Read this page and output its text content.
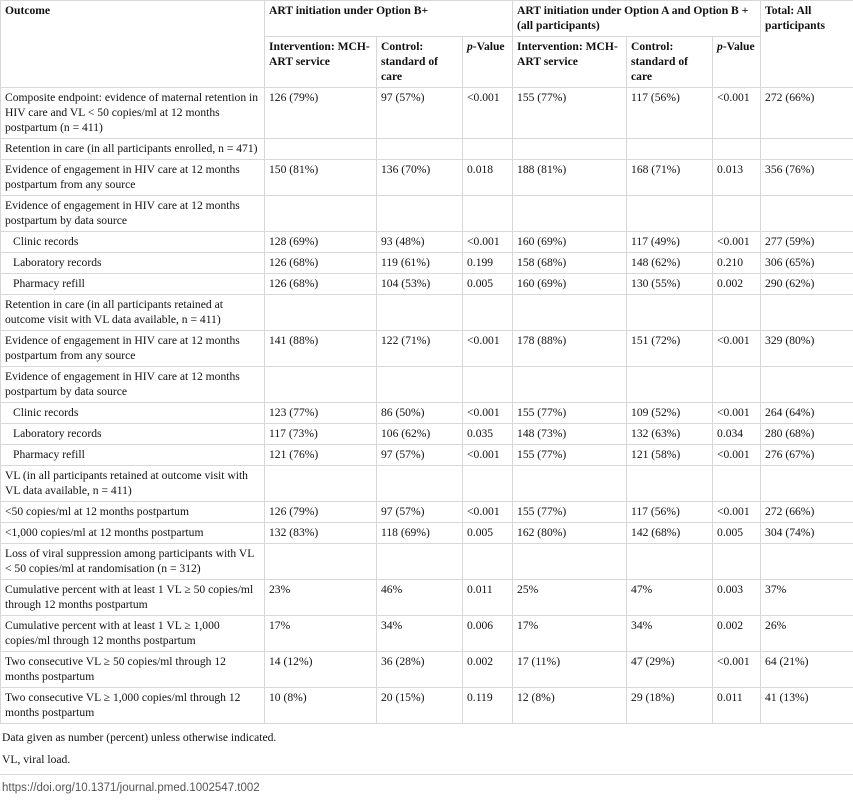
Outcome	ART initiation under Option B+			ART initiation under Option A and Option B + (all participants)			Total: All participants
	Intervention: MCH-ART service	Control: standard of care	p-Value	Intervention: MCH-ART service	Control: standard of care	p-Value	
Composite endpoint: evidence of maternal retention in HIV care and VL < 50 copies/ml at 12 months postpartum (n = 411)	126 (79%)	97 (57%)	<0.001	155 (77%)	117 (56%)	<0.001	272 (66%)
Retention in care (in all participants enrolled, n = 471)							
Evidence of engagement in HIV care at 12 months postpartum from any source	150 (81%)	136 (70%)	0.018	188 (81%)	168 (71%)	0.013	356 (76%)
Evidence of engagement in HIV care at 12 months postpartum by data source							
Clinic records	128 (69%)	93 (48%)	<0.001	160 (69%)	117 (49%)	<0.001	277 (59%)
Laboratory records	126 (68%)	119 (61%)	0.199	158 (68%)	148 (62%)	0.210	306 (65%)
Pharmacy refill	126 (68%)	104 (53%)	0.005	160 (69%)	130 (55%)	0.002	290 (62%)
Retention in care (in all participants retained at outcome visit with VL data available, n = 411)							
Evidence of engagement in HIV care at 12 months postpartum from any source	141 (88%)	122 (71%)	<0.001	178 (88%)	151 (72%)	<0.001	329 (80%)
Evidence of engagement in HIV care at 12 months postpartum by data source							
Clinic records	123 (77%)	86 (50%)	<0.001	155 (77%)	109 (52%)	<0.001	264 (64%)
Laboratory records	117 (73%)	106 (62%)	0.035	148 (73%)	132 (63%)	0.034	280 (68%)
Pharmacy refill	121 (76%)	97 (57%)	<0.001	155 (77%)	121 (58%)	<0.001	276 (67%)
VL (in all participants retained at outcome visit with VL data available, n = 411)							
<50 copies/ml at 12 months postpartum	126 (79%)	97 (57%)	<0.001	155 (77%)	117 (56%)	<0.001	272 (66%)
<1,000 copies/ml at 12 months postpartum	132 (83%)	118 (69%)	0.005	162 (80%)	142 (68%)	0.005	304 (74%)
Loss of viral suppression among participants with VL < 50 copies/ml at randomisation (n = 312)							
Cumulative percent with at least 1 VL ≥ 50 copies/ml through 12 months postpartum	23%	46%	0.011	25%	47%	0.003	37%
Cumulative percent with at least 1 VL ≥ 1,000 copies/ml through 12 months postpartum	17%	34%	0.006	17%	34%	0.002	26%
Two consecutive VL ≥ 50 copies/ml through 12 months postpartum	14 (12%)	36 (28%)	0.002	17 (11%)	47 (29%)	<0.001	64 (21%)
Two consecutive VL ≥ 1,000 copies/ml through 12 months postpartum	10 (8%)	20 (15%)	0.119	12 (8%)	29 (18%)	0.011	41 (13%)

Data given as number (percent) unless otherwise indicated.

VL, viral load.

https://doi.org/10.1371/journal.pmed.1002547.t002
